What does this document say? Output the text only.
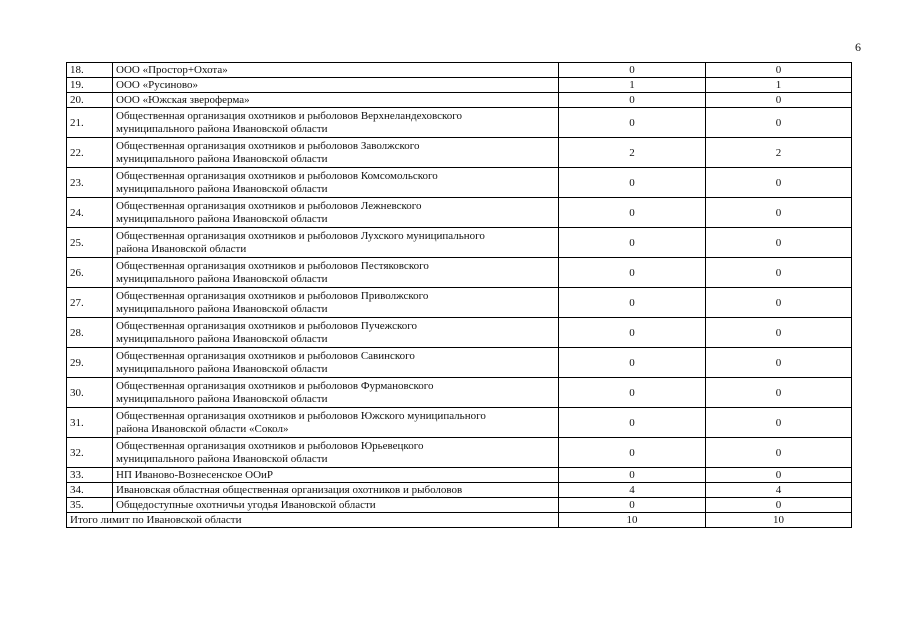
6
18.	ООО «Простор+Охота»	0	0
19.	ООО «Русиново»	1	1
20.	ООО «Южская звероферма»	0	0
21.	Общественная организация охотников и рыболовов Верхнеландеховского
муниципального района Ивановской области	0	0
22.	Общественная организация охотников и рыболовов Заволжского
муниципального района Ивановской области	2	2
23.	Общественная организация охотников и рыболовов Комсомольского
муниципального района Ивановской области	0	0
24.	Общественная организация охотников и рыболовов Лежневского
муниципального района Ивановской области	0	0
25.	Общественная организация охотников и рыболовов Лухского муниципального
района Ивановской области	0	0
26.	Общественная организация охотников и рыболовов Пестяковского
муниципального района Ивановской области	0	0
27.	Общественная организация охотников и рыболовов Приволжского
муниципального района Ивановской области	0	0
28.	Общественная организация охотников и рыболовов Пучежского
муниципального района Ивановской области	0	0
29.	Общественная организация охотников и рыболовов Савинского
муниципального района Ивановской области	0	0
30.	Общественная организация охотников и рыболовов Фурмановского
муниципального района Ивановской области	0	0
31.	Общественная организация охотников и рыболовов Южского муниципального
района Ивановской области «Сокол»	0	0
32.	Общественная организация охотников и рыболовов Юрьевецкого
муниципального района Ивановской области	0	0
33.	НП Иваново-Вознесенское ООиР	0	0
34.	Ивановская областная общественная организация охотников и рыболовов	4	4
35.	Общедоступные охотничьи угодья Ивановской области	0	0
Итого лимит по Ивановской области		10	10
